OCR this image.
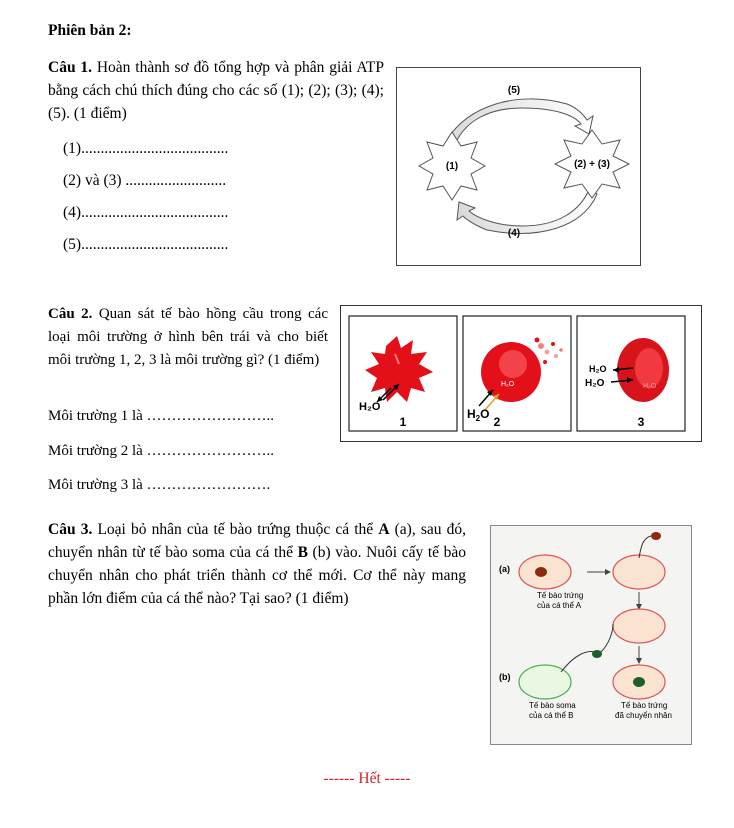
Phiên bản 2:
Câu 1. Hoàn thành sơ đồ tổng hợp và phân giải ATP bằng cách chú thích đúng cho các số (1); (2); (3); (4); (5). (1 điểm)
(1)......................................
(2) và (3) ..........................
(4)......................................
(5)......................................
(5)
(1)	(2) + (3)
(4)
Câu 2. Quan sát tế bào hồng cầu trong các loại môi trường ở hình bên trái và cho biết môi trường 1, 2, 3 là môi trường gì? (1 điểm)
Môi trường 1 là ……………………..
Môi trường 2 là ……………………..
Môi trường 3 là …………………….
H₂O
1
H₂O
$H_2O$
2
H₂O
H₂O	H₂O
3
Câu 3. Loại bỏ nhân của tế bào trứng thuộc cá thể A (a), sau đó, chuyển nhân từ tế bào soma của cá thể B (b) vào. Nuôi cấy tế bào chuyển nhân cho phát triển thành cơ thể mới. Cơ thể này mang phần lớn điểm của cá thể nào? Tại sao? (1 điểm)
(a)
(b)
Tế bào trứng
của cá thể A
Tế bào soma
của cá thể B
Tế bào trứng
đã chuyển nhân
------ Hết -----
